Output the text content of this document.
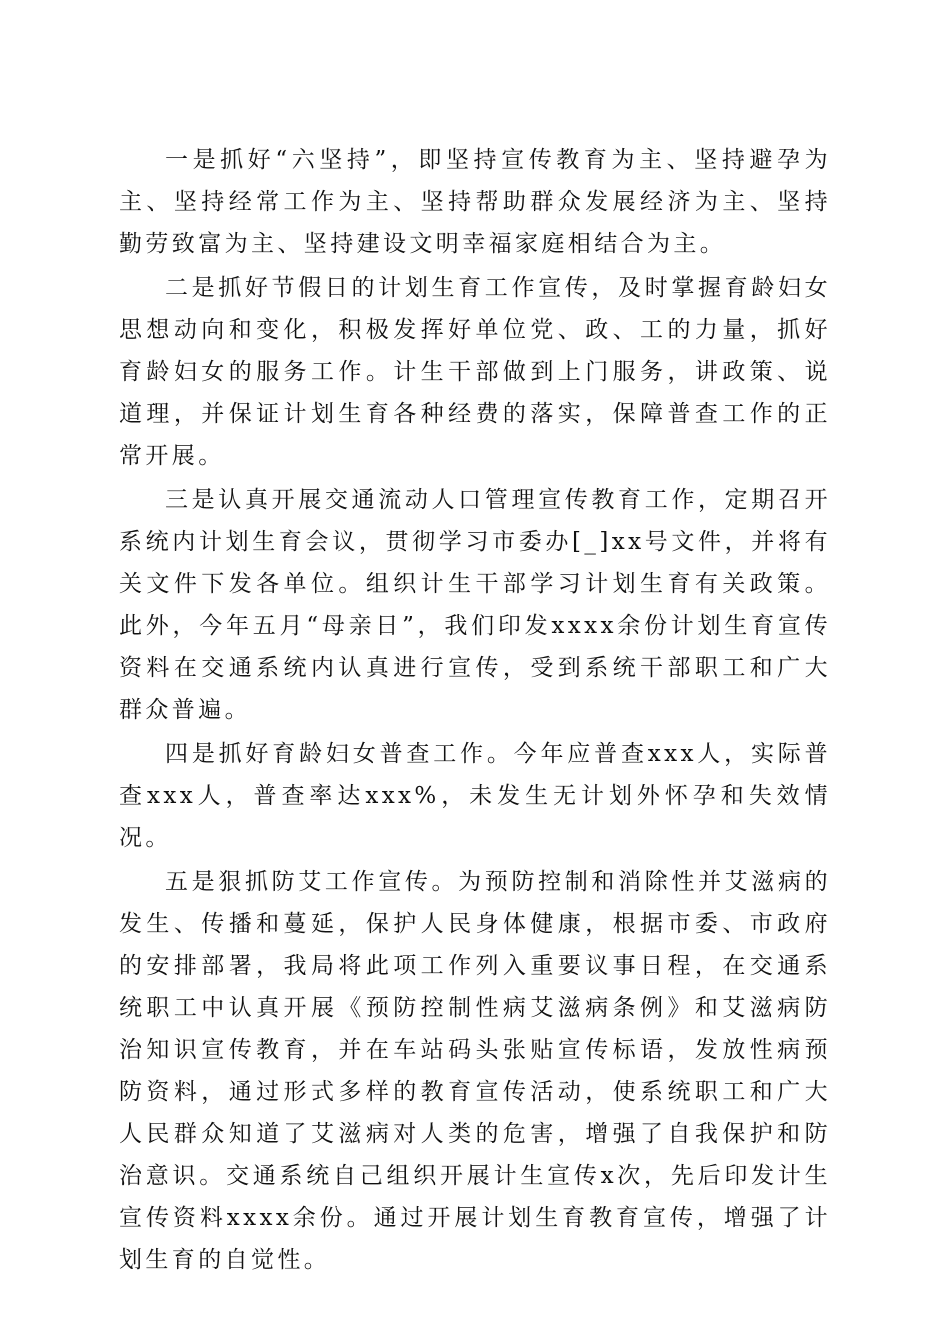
一是抓好“六坚持”，即坚持宣传教育为主、坚持避孕为主、坚持经常工作为主、坚持帮助群众发展经济为主、坚持勤劳致富为主、坚持建设文明幸福家庭相结合为主。

二是抓好节假日的计划生育工作宣传，及时掌握育龄妇女思想动向和变化，积极发挥好单位党、政、工的力量，抓好育龄妇女的服务工作。计生干部做到上门服务，讲政策、说道理，并保证计划生育各种经费的落实，保障普查工作的正常开展。

三是认真开展交通流动人口管理宣传教育工作，定期召开系统内计划生育会议，贯彻学习市委办[_]xx号文件，并将有关文件下发各单位。组织计生干部学习计划生育有关政策。此外，今年五月“母亲日”，我们印发xxxx余份计划生育宣传资料在交通系统内认真进行宣传，受到系统干部职工和广大群众普遍。

四是抓好育龄妇女普查工作。今年应普查xxx人，实际普查xxx人，普查率达xxx%，未发生无计划外怀孕和失效情况。

五是狠抓防艾工作宣传。为预防控制和消除性并艾滋病的发生、传播和蔓延，保护人民身体健康，根据市委、市政府的安排部署，我局将此项工作列入重要议事日程，在交通系统职工中认真开展《预防控制性病艾滋病条例》和艾滋病防治知识宣传教育，并在车站码头张贴宣传标语，发放性病预防资料，通过形式多样的教育宣传活动，使系统职工和广大人民群众知道了艾滋病对人类的危害，增强了自我保护和防治意识。交通系统自己组织开展计生宣传x次，先后印发计生宣传资料xxxx余份。通过开展计划生育教育宣传，增强了计划生育的自觉性。
